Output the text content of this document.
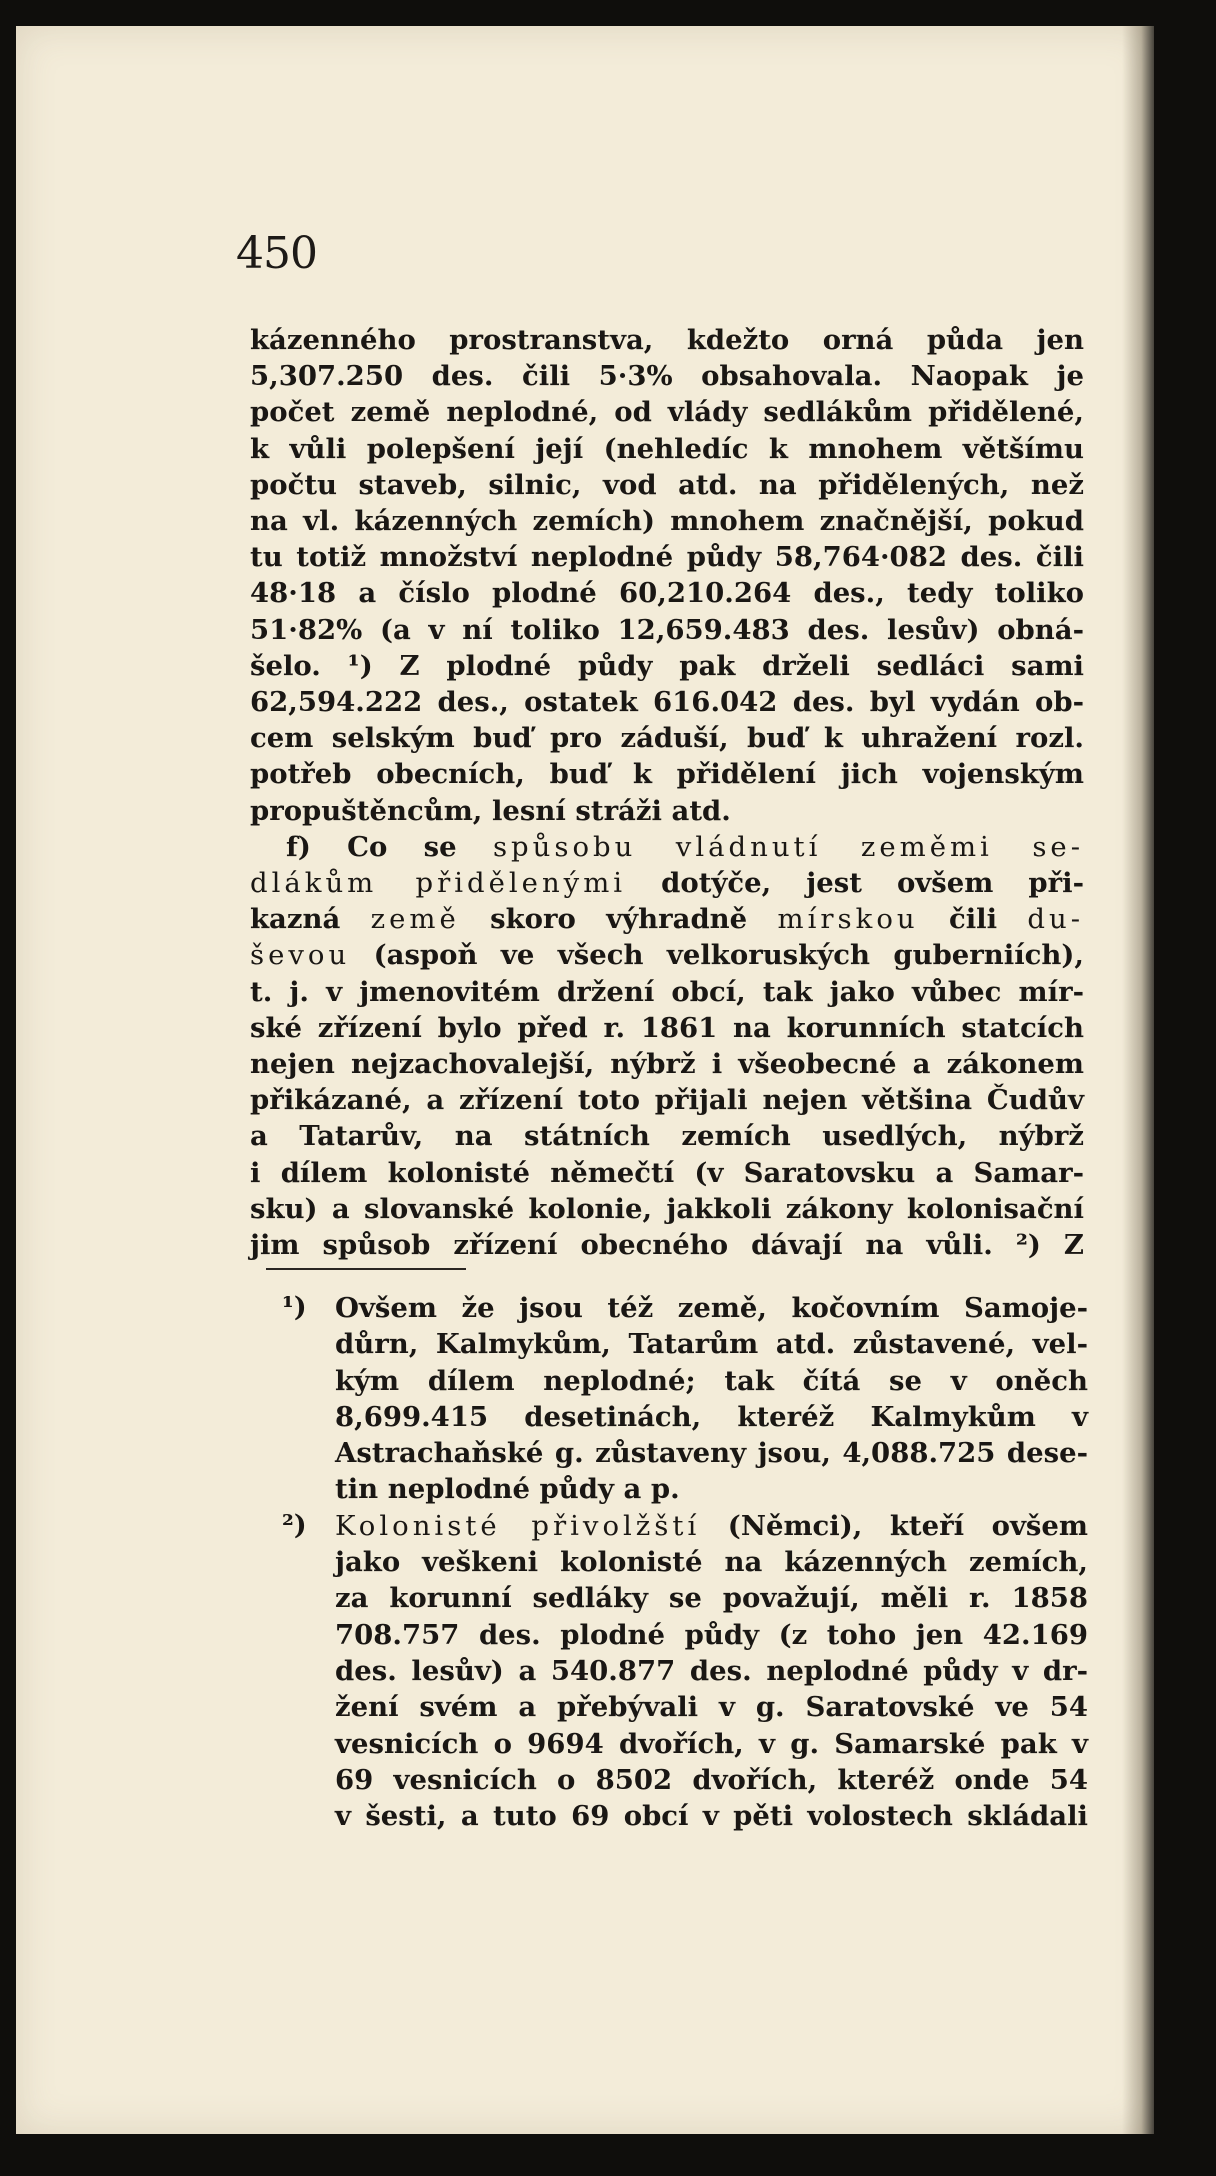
450
kázenného prostranstva, kdežto orná půda jen
5,307.250 des. čili 5·3% obsahovala. Naopak je
počet země neplodné, od vlády sedlákům přidělené,
k vůli polepšení její (nehledíc k mnohem většímu
počtu staveb, silnic, vod atd. na přidělených, než
na vl. kázenných zemích) mnohem značnější, pokud
tu totiž množství neplodné půdy 58,764·082 des. čili
48·18 a číslo plodné 60,210.264 des., tedy toliko
51·82% (a v ní toliko 12,659.483 des. lesův) obná-
šelo. ¹) Z plodné půdy pak drželi sedláci sami
62,594.222 des., ostatek 616.042 des. byl vydán ob-
cem selským buď pro záduší, buď k uhražení rozl.
potřeb obecních, buď k přidělení jich vojenským
propuštěncům, lesní stráži atd.
f) Co se spůsobu vládnutí zeměmi se-
dlákům přidělenými dotýče, jest ovšem při-
kazná země skoro výhradně mírskou čili du-
ševou (aspoň ve všech velkoruských guberniích),
t. j. v jmenovitém držení obcí, tak jako vůbec mír-
ské zřízení bylo před r. 1861 na korunních statcích
nejen nejzachovalejší, nýbrž i všeobecné a zákonem
přikázané, a zřízení toto přijali nejen většina Čudův
a Tatarův, na státních zemích usedlých, nýbrž
i dílem kolonisté němečtí (v Saratovsku a Samar-
sku) a slovanské kolonie, jakkoli zákony kolonisační
jim spůsob zřízení obecného dávají na vůli. ²) Z
¹) Ovšem že jsou též země, kočovním Samoje-
důrn, Kalmykům, Tatarům atd. zůstavené, vel-
kým dílem neplodné; tak čítá se v oněch
8,699.415 desetinách, kteréž Kalmykům v
Astrachaňské g. zůstaveny jsou, 4,088.725 dese-
tin neplodné půdy a p.
²) Kolonisté přivolžští (Němci), kteří ovšem
jako veškeni kolonisté na kázenných zemích,
za korunní sedláky se považují, měli r. 1858
708.757 des. plodné půdy (z toho jen 42.169
des. lesův) a 540.877 des. neplodné půdy v dr-
žení svém a přebývali v g. Saratovské ve 54
vesnicích o 9694 dvořích, v g. Samarské pak v
69 vesnicích o 8502 dvořích, kteréž onde 54
v šesti, a tuto 69 obcí v pěti volostech skládali
